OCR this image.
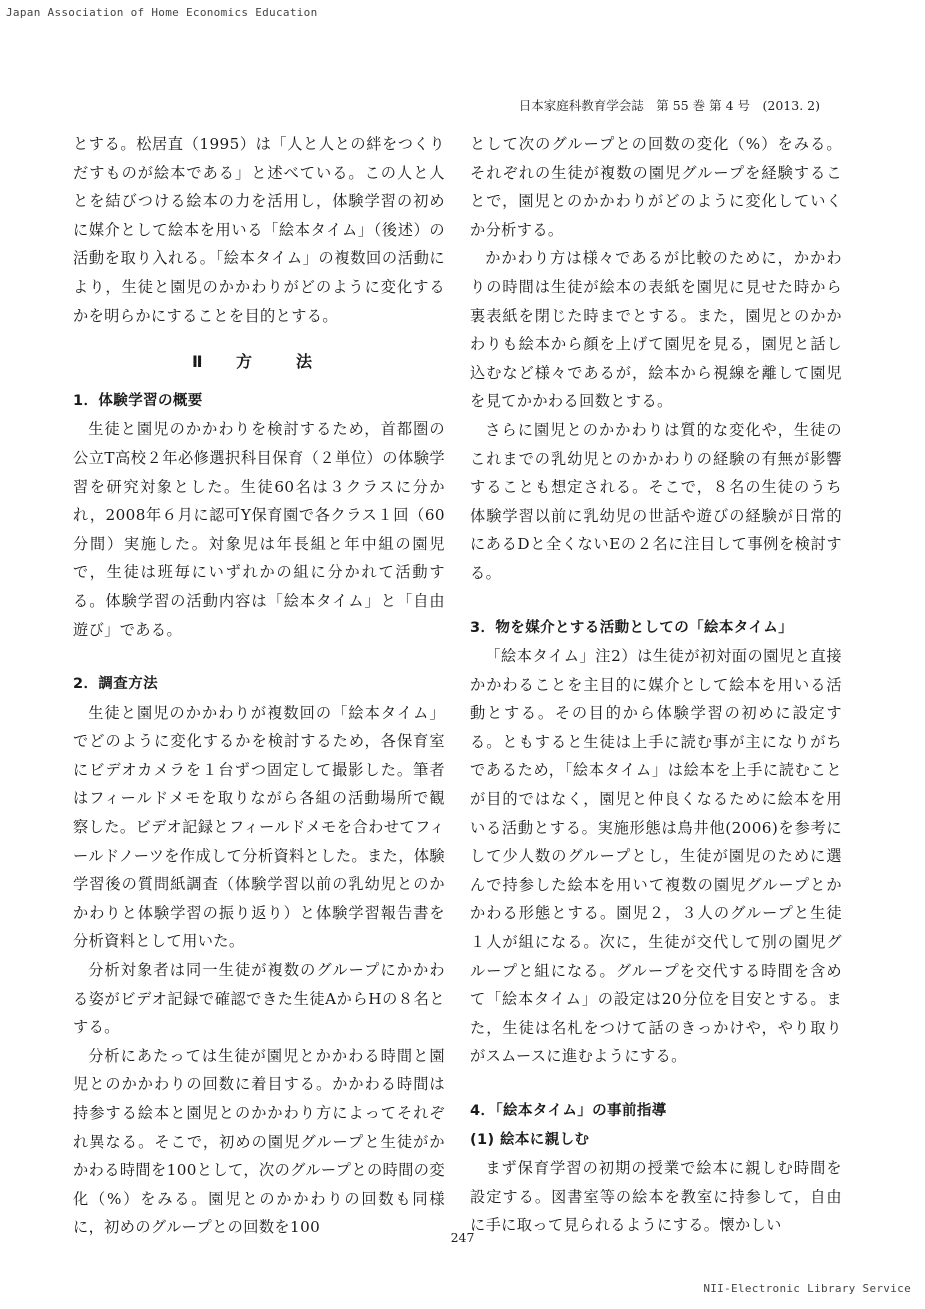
Japan Association of Home Economics Education
日本家庭科教育学会誌　第 55 巻 第 4 号　(2013. 2)

とする。松居直（1995）は「人と人との絆をつくりだすものが絵本である」と述べている。この人と人とを結びつける絵本の力を活用し，体験学習の初めに媒介として絵本を用いる「絵本タイム」（後述）の活動を取り入れる。「絵本タイム」の複数回の活動により，生徒と園児のかかわりがどのように変化するかを明らかにすることを目的とする。

Ⅱ 方　法

1．体験学習の概要

生徒と園児のかかわりを検討するため，首都圏の公立T高校２年必修選択科目保育（２単位）の体験学習を研究対象とした。生徒60名は３クラスに分かれ，2008年６月に認可Y保育園で各クラス１回（60分間）実施した。対象児は年長組と年中組の園児で，生徒は班毎にいずれかの組に分かれて活動する。体験学習の活動内容は「絵本タイム」と「自由遊び」である。

2．調査方法

生徒と園児のかかわりが複数回の「絵本タイム」でどのように変化するかを検討するため，各保育室にビデオカメラを１台ずつ固定して撮影した。筆者はフィールドメモを取りながら各組の活動場所で観察した。ビデオ記録とフィールドメモを合わせてフィールドノーツを作成して分析資料とした。また，体験学習後の質問紙調査（体験学習以前の乳幼児とのかかわりと体験学習の振り返り）と体験学習報告書を分析資料として用いた。

分析対象者は同一生徒が複数のグループにかかわる姿がビデオ記録で確認できた生徒AからHの８名とする。

分析にあたっては生徒が園児とかかわる時間と園児とのかかわりの回数に着目する。かかわる時間は持参する絵本と園児とのかかわり方によってそれぞれ異なる。そこで，初めの園児グループと生徒がかかわる時間を100として，次のグループとの時間の変化（%）をみる。園児とのかかわりの回数も同様に，初めのグループとの回数を100

として次のグループとの回数の変化（%）をみる。それぞれの生徒が複数の園児グループを経験することで，園児とのかかわりがどのように変化していくか分析する。

かかわり方は様々であるが比較のために，かかわりの時間は生徒が絵本の表紙を園児に見せた時から裏表紙を閉じた時までとする。また，園児とのかかわりも絵本から顔を上げて園児を見る，園児と話し込むなど様々であるが，絵本から視線を離して園児を見てかかわる回数とする。

さらに園児とのかかわりは質的な変化や，生徒のこれまでの乳幼児とのかかわりの経験の有無が影響することも想定される。そこで，８名の生徒のうち体験学習以前に乳幼児の世話や遊びの経験が日常的にあるDと全くないEの２名に注目して事例を検討する。

3．物を媒介とする活動としての「絵本タイム」

「絵本タイム」注2）は生徒が初対面の園児と直接かかわることを主目的に媒介として絵本を用いる活動とする。その目的から体験学習の初めに設定する。ともすると生徒は上手に読む事が主になりがちであるため，「絵本タイム」は絵本を上手に読むことが目的ではなく，園児と仲良くなるために絵本を用いる活動とする。実施形態は鳥井他(2006)を参考にして少人数のグループとし，生徒が園児のために選んで持参した絵本を用いて複数の園児グループとかかわる形態とする。園児２，３人のグループと生徒１人が組になる。次に，生徒が交代して別の園児グループと組になる。グループを交代する時間を含めて「絵本タイム」の設定は20分位を目安とする。また，生徒は名札をつけて話のきっかけや，やり取りがスムースに進むようにする。

4．「絵本タイム」の事前指導

(1) 絵本に親しむ

まず保育学習の初期の授業で絵本に親しむ時間を設定する。図書室等の絵本を教室に持参して，自由に手に取って見られるようにする。懐かしい

247
NII-Electronic Library Service
